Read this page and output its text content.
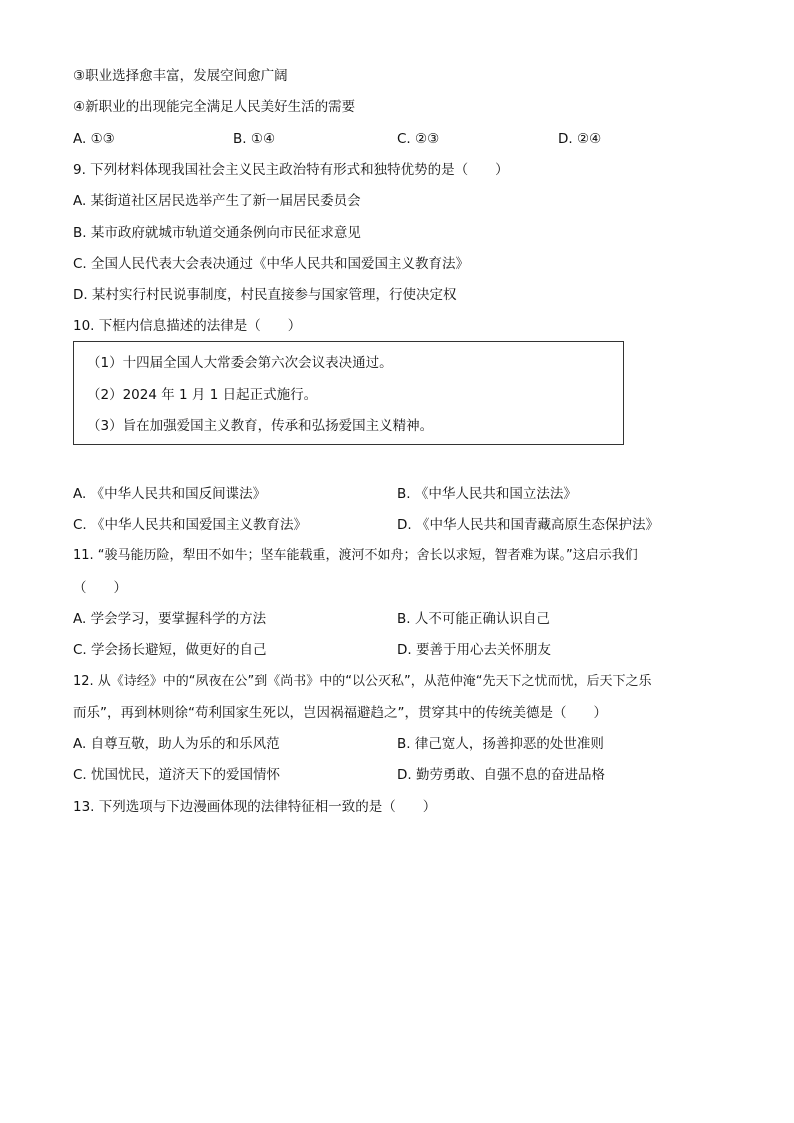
③职业选择愈丰富，发展空间愈广阔
④新职业的出现能完全满足人民美好生活的需要
A. ①③	B. ①④	C. ②③	D. ②④
9. 下列材料体现我国社会主义民主政治特有形式和独特优势的是（　　）
A. 某街道社区居民选举产生了新一届居民委员会
B. 某市政府就城市轨道交通条例向市民征求意见
C. 全国人民代表大会表决通过《中华人民共和国爱国主义教育法》
D. 某村实行村民说事制度，村民直接参与国家管理，行使决定权
10. 下框内信息描述的法律是（　　）
（1）十四届全国人大常委会第六次会议表决通过。
（2）2024 年 1 月 1 日起正式施行。
（3）旨在加强爱国主义教育，传承和弘扬爱国主义精神。
A. 《中华人民共和国反间谍法》	B. 《中华人民共和国立法法》
C. 《中华人民共和国爱国主义教育法》	D. 《中华人民共和国青藏高原生态保护法》
11. “骏马能历险，犁田不如牛；坚车能载重，渡河不如舟；舍长以求短，智者难为谋。”这启示我们
（　　）
A. 学会学习，要掌握科学的方法	B. 人不可能正确认识自己
C. 学会扬长避短，做更好的自己	D. 要善于用心去关怀朋友
12. 从《诗经》中的“夙夜在公”到《尚书》中的“以公灭私”，从范仲淹“先天下之忧而忧，后天下之乐
而乐”，再到林则徐“苟利国家生死以，岂因祸福避趋之”，贯穿其中的传统美德是（　　）
A. 自尊互敬，助人为乐的和乐风范	B. 律己宽人，扬善抑恶的处世准则
C. 忧国忧民，道济天下的爱国情怀	D. 勤劳勇敢、自强不息的奋进品格
13. 下列选项与下边漫画体现的法律特征相一致的是（　　）
